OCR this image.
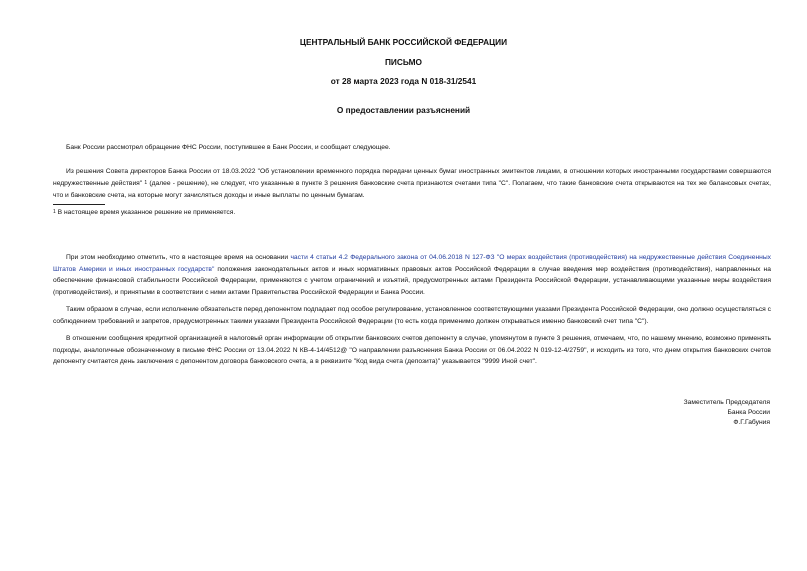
ЦЕНТРАЛЬНЫЙ БАНК РОССИЙСКОЙ ФЕДЕРАЦИИ
ПИСЬМО
от 28 марта 2023 года N 018-31/2541
О предоставлении разъяснений

Банк России рассмотрел обращение ФНС России, поступившее в Банк России, и сообщает следующее.

Из решения Совета директоров Банка России от 18.03.2022 "Об установлении временного порядка передачи ценных бумаг иностранных эмитентов лицами, в отношении которых иностранными государствами совершаются недружественные действия" $^1$ (далее - решение), не следует, что указанные в пункте 3 решения банковские счета признаются счетами типа "С". Полагаем, что такие банковские счета открываются на тех же балансовых счетах, что и банковские счета, на которые могут зачисляться доходы и иные выплаты по ценным бумагам.

$^1$ В настоящее время указанное решение не применяется.

При этом необходимо отметить, что в настоящее время на основании части 4 статьи 4.2 Федерального закона от 04.06.2018 N 127-ФЗ "О мерах воздействия (противодействия) на недружественные действия Соединенных Штатов Америки и иных иностранных государств" положения законодательных актов и иных нормативных правовых актов Российской Федерации в случае введения мер воздействия (противодействия), направленных на обеспечение финансовой стабильности Российской Федерации, применяются с учетом ограничений и изъятий, предусмотренных актами Президента Российской Федерации, устанавливающими указанные меры воздействия (противодействия), и принятыми в соответствии с ними актами Правительства Российской Федерации и Банка России.

Таким образом в случае, если исполнение обязательств перед депонентом подпадает под особое регулирование, установленное соответствующими указами Президента Российской Федерации, оно должно осуществляться с соблюдением требований и запретов, предусмотренных такими указами Президента Российской Федерации (то есть когда применимо должен открываться именно банковский счет типа "С").

В отношении сообщения кредитной организацией в налоговый орган информации об открытии банковских счетов депоненту в случае, упомянутом в пункте 3 решения, отмечаем, что, по нашему мнению, возможно применять подходы, аналогичные обозначенному в письме ФНС России от 13.04.2022 N КВ-4-14/4512@ "О направлении разъяснения Банка России от 06.04.2022 N 019-12-4/2759", и исходить из того, что днем открытия банковских счетов депоненту считается день заключения с депонентом договора банковского счета, а в реквизите "Код вида счета (депозита)" указывается "9999 Иной счет".

Заместитель Председателя
Банка России
Ф.Г.Габуния
